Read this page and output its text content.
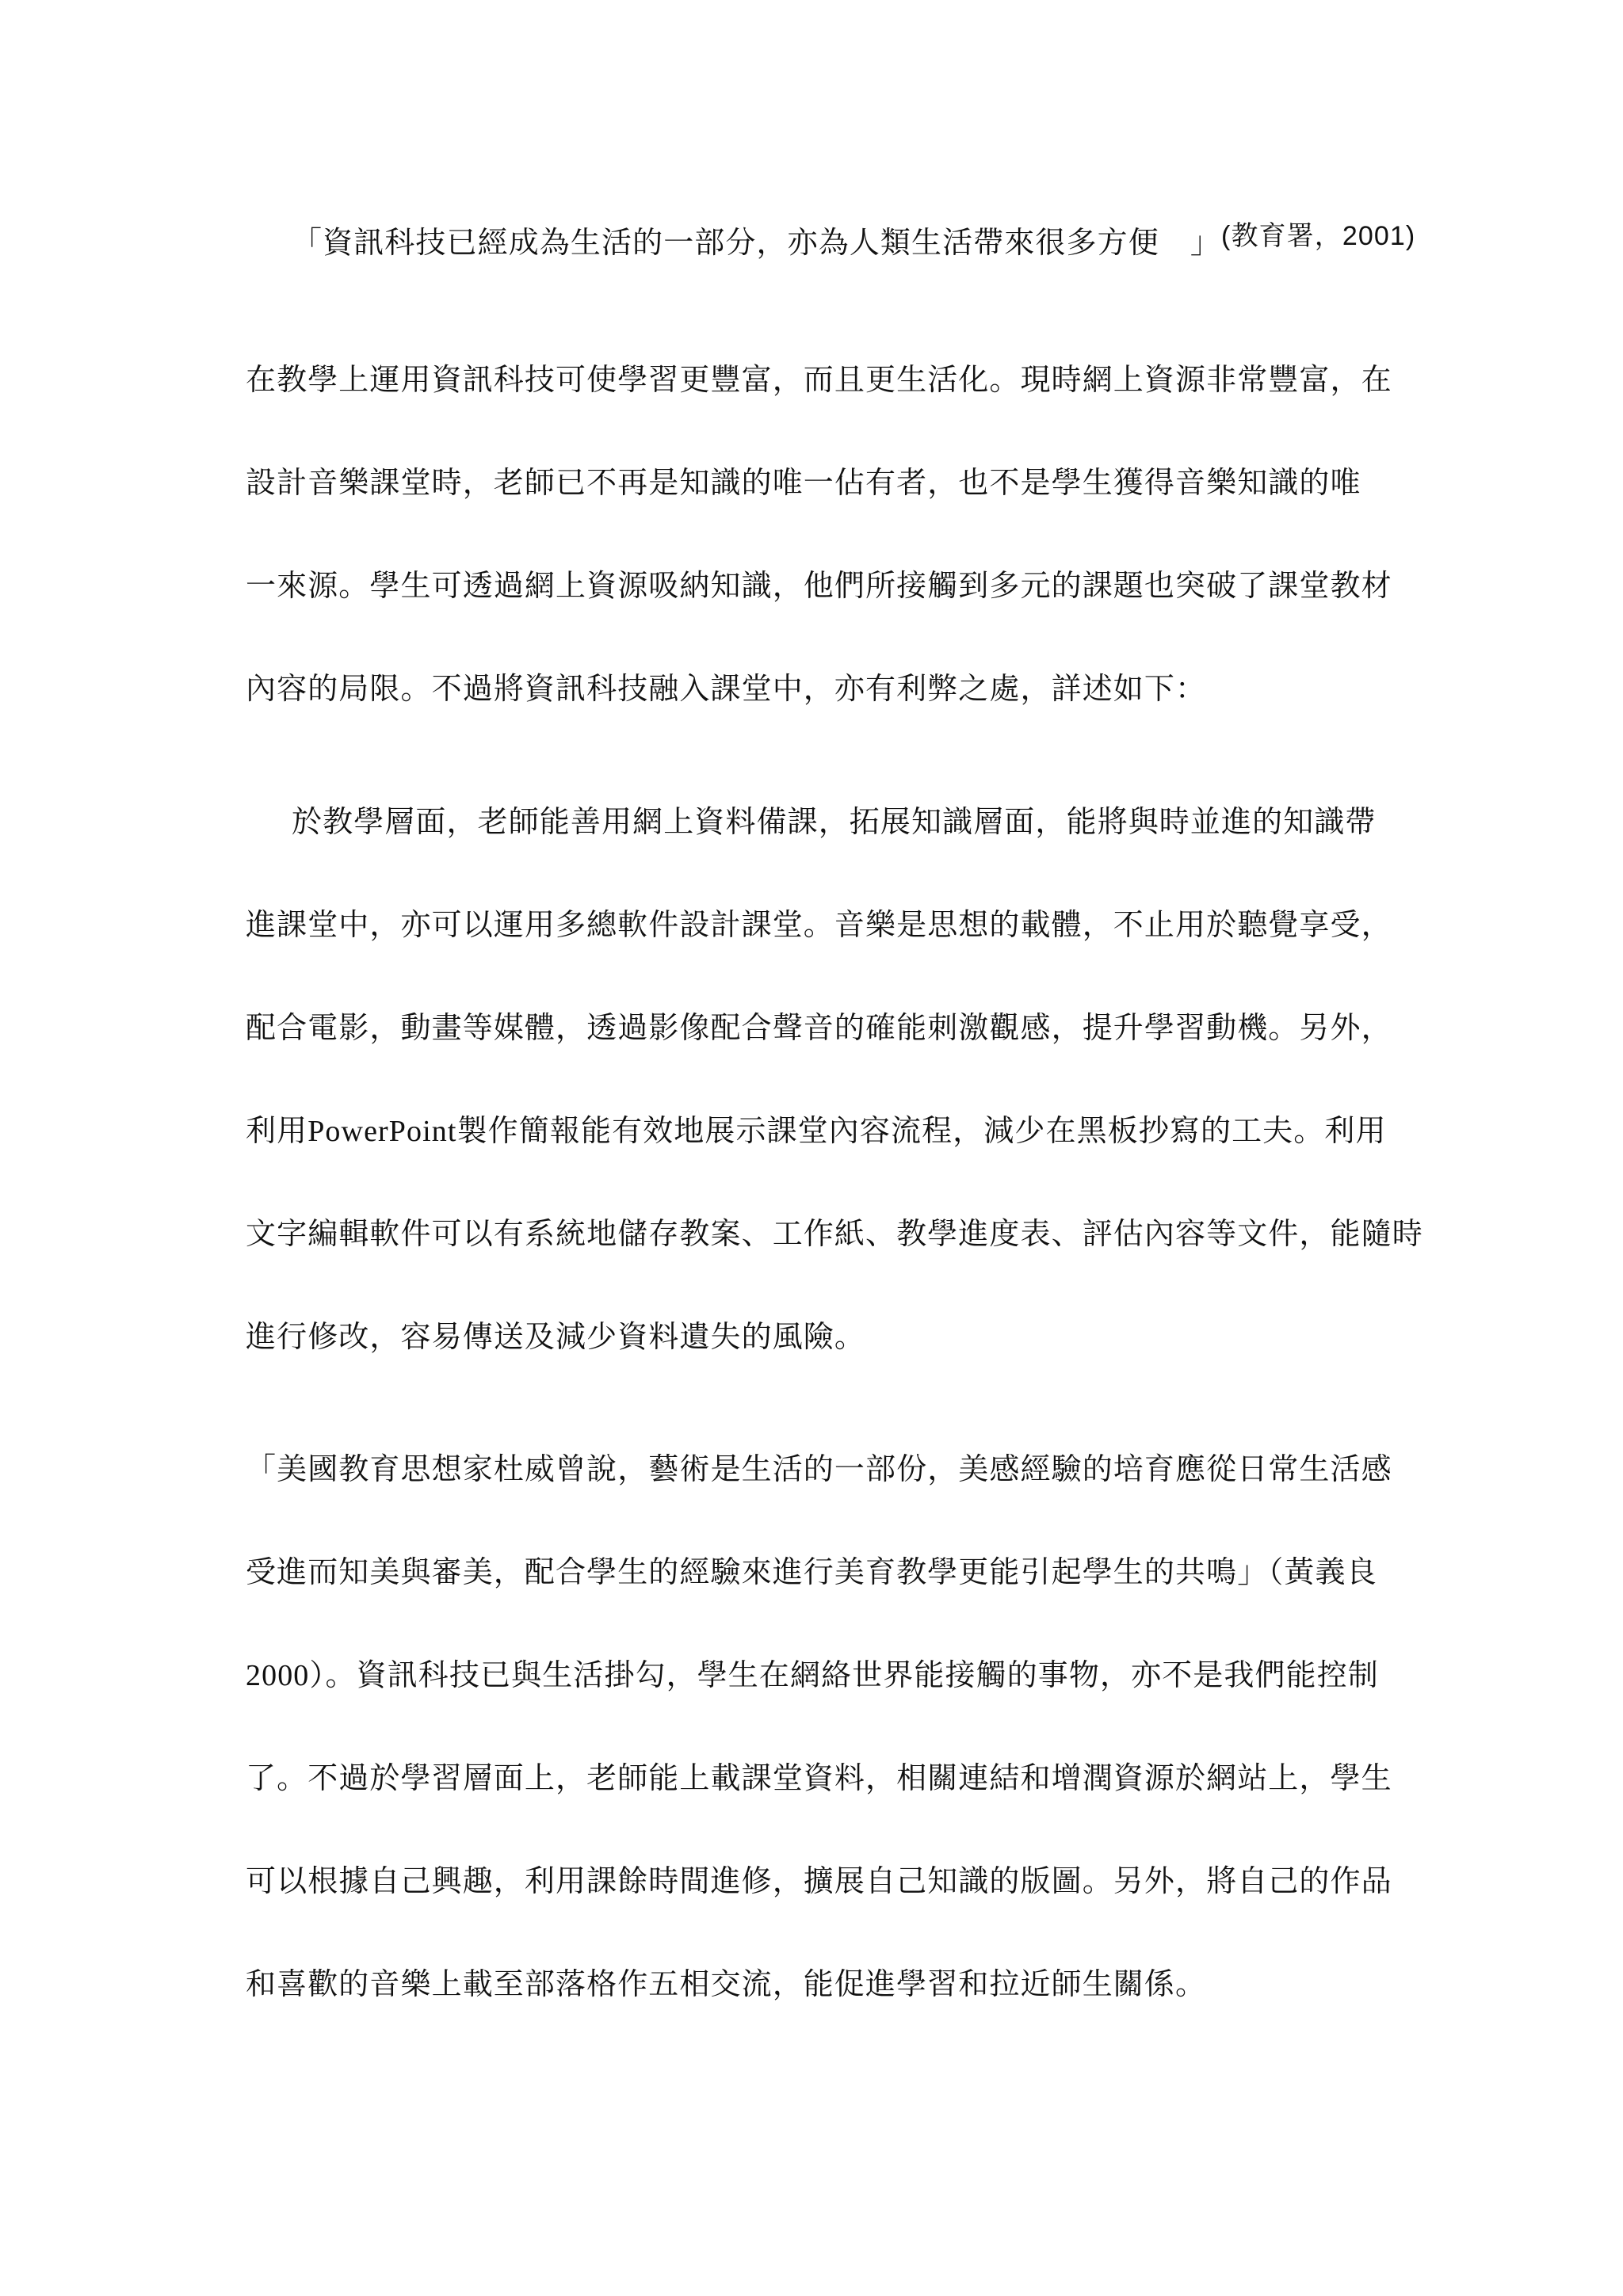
「資訊科技已經成為生活的一部分，亦為人類生活帶來很多方便　」(教育署，2001)
在教學上運用資訊科技可使學習更豐富，而且更生活化。現時網上資源非常豐富，在
設計音樂課堂時，老師已不再是知識的唯一佔有者，也不是學生獲得音樂知識的唯
一來源。學生可透過網上資源吸納知識，他們所接觸到多元的課題也突破了課堂教材
內容的局限。不過將資訊科技融入課堂中，亦有利弊之處，詳述如下：
於教學層面，老師能善用網上資料備課，拓展知識層面，能將與時並進的知識帶
進課堂中，亦可以運用多總軟件設計課堂。音樂是思想的載體，不止用於聽覺享受，
配合電影，動畫等媒體，透過影像配合聲音的確能刺激觀感，提升學習動機。另外，
利用PowerPoint製作簡報能有效地展示課堂內容流程，減少在黑板抄寫的工夫。利用
文字編輯軟件可以有系統地儲存教案、工作紙、教學進度表、評估內容等文件，能隨時
進行修改，容易傳送及減少資料遺失的風險。
「美國教育思想家杜威曾說，藝術是生活的一部份，美感經驗的培育應從日常生活感
受進而知美與審美，配合學生的經驗來進行美育教學更能引起學生的共鳴」（黃義良
2000）。資訊科技已與生活掛勾，學生在網絡世界能接觸的事物，亦不是我們能控制
了。不過於學習層面上，老師能上載課堂資料，相關連結和增潤資源於網站上，學生
可以根據自己興趣，利用課餘時間進修，擴展自己知識的版圖。另外，將自己的作品
和喜歡的音樂上載至部落格作五相交流，能促進學習和拉近師生關係。
